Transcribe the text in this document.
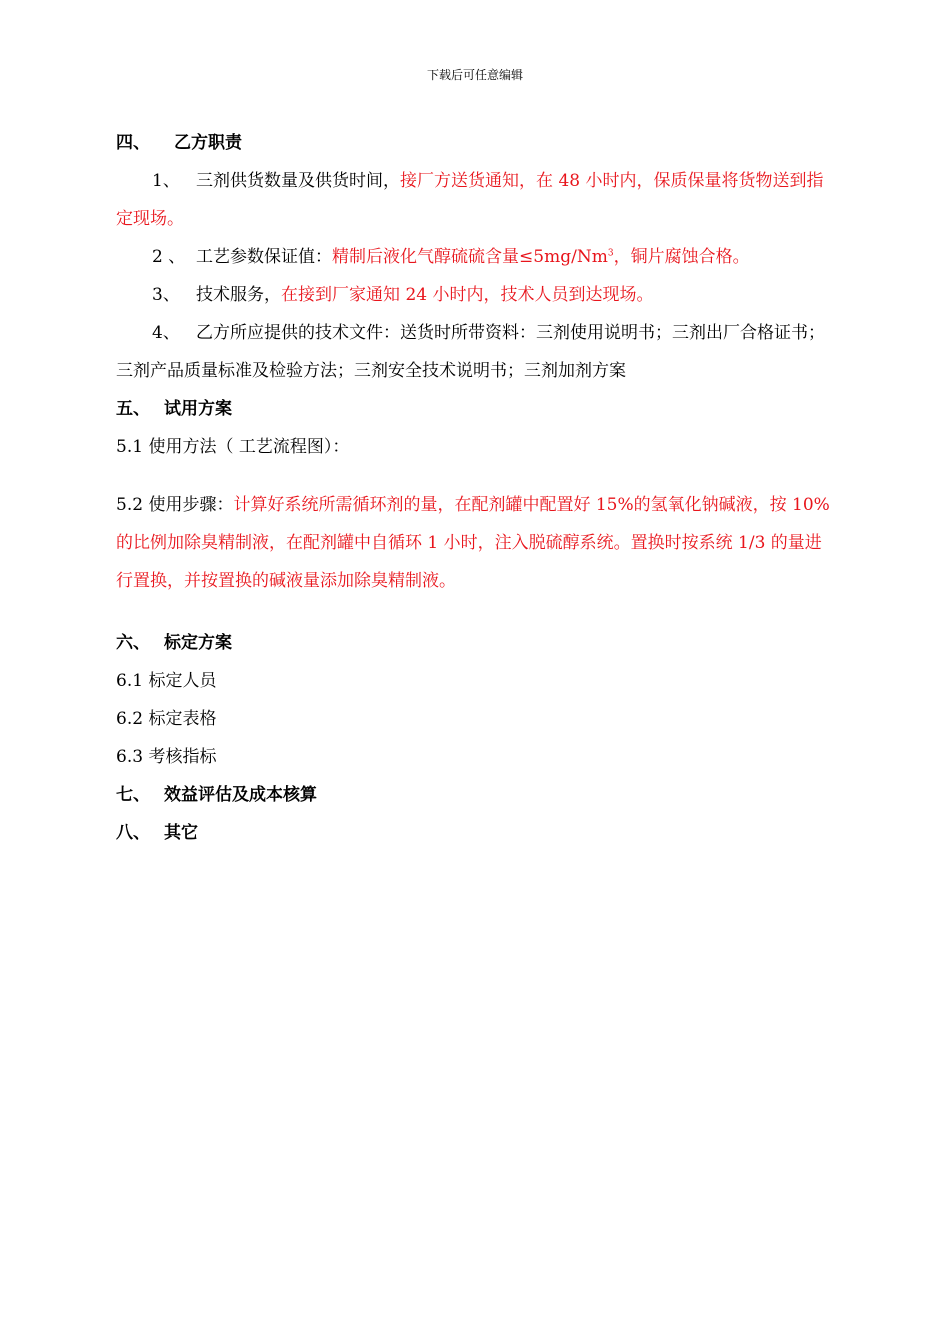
下载后可任意编辑
四、 乙方职责
1、 三剂供货数量及供货时间，接厂方送货通知，在 48 小时内，保质保量将货物送到指定现场。
2 、 工艺参数保证值：精制后液化气醇硫硫含量$\le 5mg/Nm^3$，铜片腐蚀合格。
3、 技术服务，在接到厂家通知 24 小时内，技术人员到达现场。
4、 乙方所应提供的技术文件：送货时所带资料：三剂使用说明书；三剂出厂合格证书；三剂产品质量标准及检验方法；三剂安全技术说明书；三剂加剂方案
五、 试用方案
5.1 使用方法（ 工艺流程图）：
5.2 使用步骤：计算好系统所需循环剂的量，在配剂罐中配置好 15%的氢氧化钠碱液，按 10%的比例加除臭精制液，在配剂罐中自循环 1 小时，注入脱硫醇系统。置换时按系统 1/3 的量进行置换，并按置换的碱液量添加除臭精制液。
六、 标定方案
6.1 标定人员
6.2 标定表格
6.3 考核指标
七、 效益评估及成本核算
八、 其它
